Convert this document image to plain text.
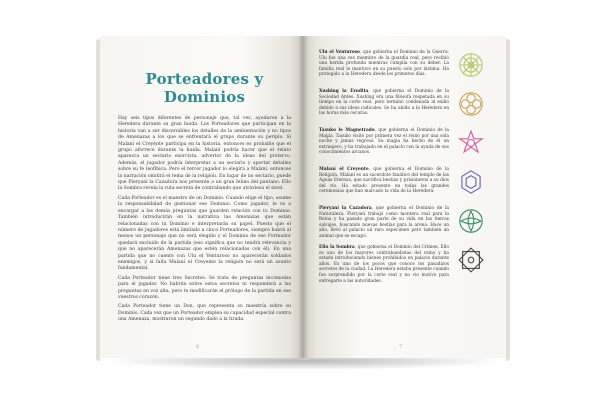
Porteadores y Dominios

Hay seis tipos diferentes de personaje que, tal vez, ayudaron a la Heredera durante su gran huida. Los Porteadores que participan en la historia van a ser discernibles los detalles de la ambientación y no tipos de Amenazas a los que se enfrentará el grupo durante su periplo. Si Malaní el Creyente participa en la historia, entonces es probable que el grupo aforrece durante la huida. Malaní podría hacer que el relato aparezca un sectario exorcista, advertor de la ideas del protervo. Además, el jugador podría interpretar a un sectario y aportar detalles sobre su fe teoflhica. Pero el tercer jugador lo elegirá a Malaní, entonces la narración omitirá el tema de la religión. En lugar de no sectario, puede que Pieryani la Cazadora nos presente a un gran felino del pantano. Ello la Sombra revela la ruta secreta de contrabando que atraviesa el nivel.

Cada Porteador es el maestro de un Dominio. Cuando elige el tipo, asume la responsabilidad de gestionar ese Dominio. Como jugador, le va a encargar a los demás preguntas que guarden relación con tu Dominio. También introducirán en la narrativa las Amenazas que están relacionadas con tu Dominio e interpretarás su papel. Puesto que el número de jugadores está limitado a cinco Porteadores, siempre habrá al menos un personaje que no será elegido y el Dominio de ese Porteador quedará excluido de la partida (eso significa que no tendrá relevancia y que no aparecerán Amenazas que estén relacionadas con él). En una partida que no cuente con Ulu el Venturoso no aparecerán soldados enemigos, y si falta Malaní el Creyente la religión no será un asunto fundamental.

Cada Porteador tiene tres Secretos. Se trata de preguntas incómodas para el jugador. No habrán sobre estos secretos ni responderá a las preguntas en voz alta, pero te modificarán el prólogo de la partida en ese vuestros corazón.

Cada Porteador tiene un Don, que representa su maestría sobre su Dominio. Cada vez que un Porteador emplea su capacidad especial contra una Amenaza, mostraron un segundo dado a la tirada.

6
Ulu el Venturoso, que gobierna el Dominio de la Guerra. Ulu fue una vez miembro de la guardia real, pero recibió una herida profunda mientras cumplía con su deber. La familia real le mantuvo en su puesto solo por lástima. Ha protegido a la Heredera desde los primeros días.
Xushing la Erudita, que gobierna el Dominio de la Sociedad Antes. Xushing era una filósofa respetada en su tiempo en la corte real, pero terminó condenada al exilio debido a sus ideas radicales. Se ha unido a la Heredera en las horas más oscuras.
Tasuko le Magnetrado, que gobierna el Dominio de la Magia. Tasuko visitó por primera vez el reino por una sola noche y jamás regresó. Su magia ha hecho de él un extranjero, y ha trabajado en el palacio con la ayuda de sus conocimientos arcanos.
Malaní el Creyente, que gobierna el Dominio de la Religión. Malaní es un sacerdote fanático del templo de las Aguas Eternas, que sacrifica bestias y prisioneros a su dios del río. Ha estado presente en todas las grandes ceremonias que han marcado la vida de la Heredera.
Pieryaní la Cazadora, que gobierna el Dominio de la Naturaleza. Pieryaní trabajó como montera real para la Reina y ha pasado gran parte de su vida en las tierras salvajes, buscando nuevas bestias para la arena. Hace un año, llevó al palacio un raro espécimen pero también un animal que se escapó.
Ello la Sombra, que gobierna el Dominio del Crimen. Ello es uno de los mayores contrabandistas del reino y ha estado introduciendo bienes prohibidos en palacio durante años. Es uno de los pocos que conoce los pasadizos secretos de la ciudad. La Heredera estaba presente cuando fue sorprendido por la corte real y no vio motivo para entregarle a las autoridades.
7
